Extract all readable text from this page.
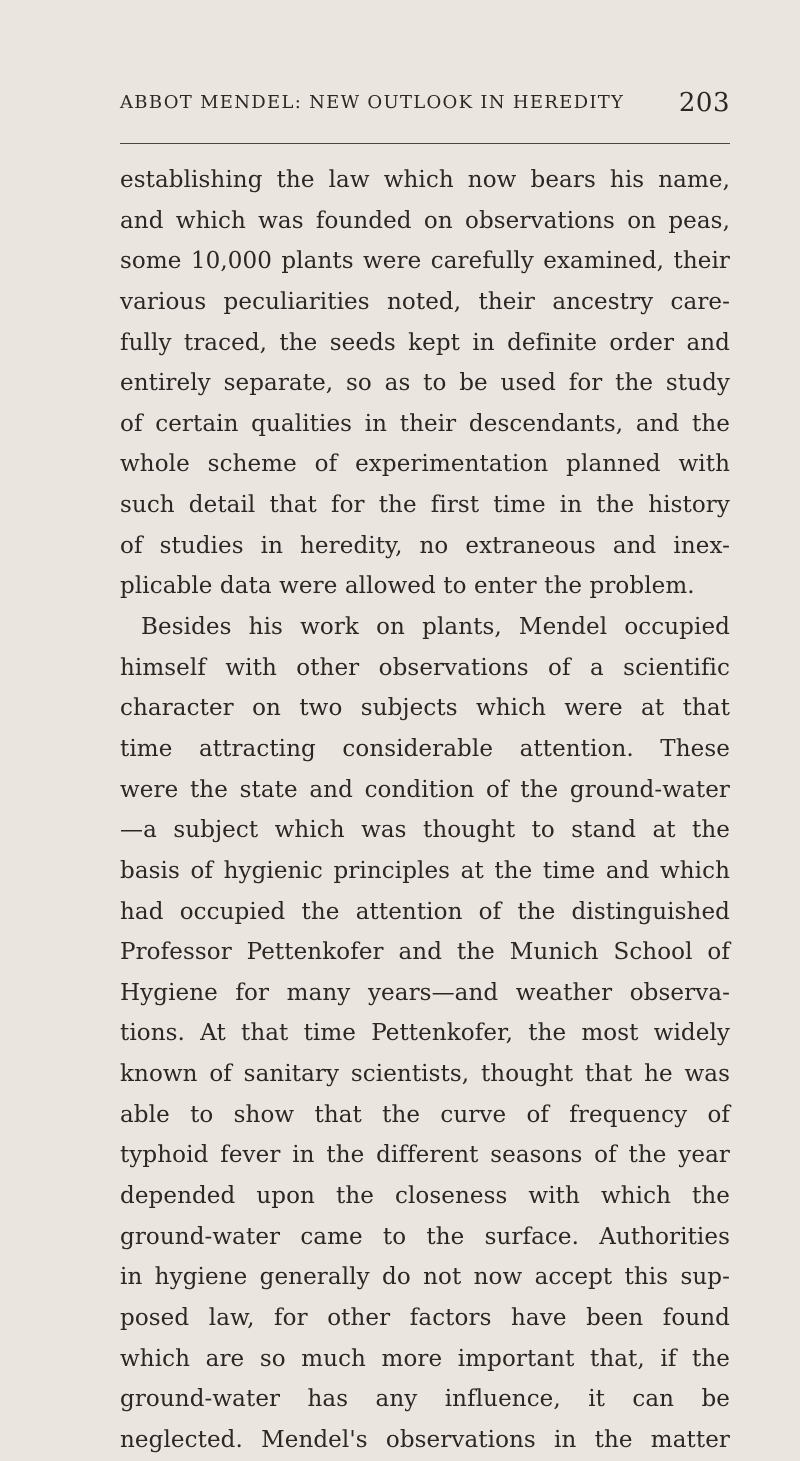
ABBOT MENDEL: NEW OUTLOOK IN HEREDITY 203
establishing the law which now bears his name,
and which was founded on observations on peas,
some 10,000 plants were carefully examined, their
various peculiarities noted, their ancestry care-
fully traced, the seeds kept in definite order and
entirely separate, so as to be used for the study
of certain qualities in their descendants, and the
whole scheme of experimentation planned with
such detail that for the first time in the history
of studies in heredity, no extraneous and inex-
plicable data were allowed to enter the problem.
Besides his work on plants, Mendel occupied
himself with other observations of a scientific
character on two subjects which were at that
time attracting considerable attention. These
were the state and condition of the ground-water
—a subject which was thought to stand at the
basis of hygienic principles at the time and which
had occupied the attention of the distinguished
Professor Pettenkofer and the Munich School of
Hygiene for many years—and weather observa-
tions. At that time Pettenkofer, the most widely
known of sanitary scientists, thought that he was
able to show that the curve of frequency of
typhoid fever in the different seasons of the year
depended upon the closeness with which the
ground-water came to the surface. Authorities
in hygiene generally do not now accept this sup-
posed law, for other factors have been found
which are so much more important that, if the
ground-water has any influence, it can be
neglected. Mendel's observations in the matter
